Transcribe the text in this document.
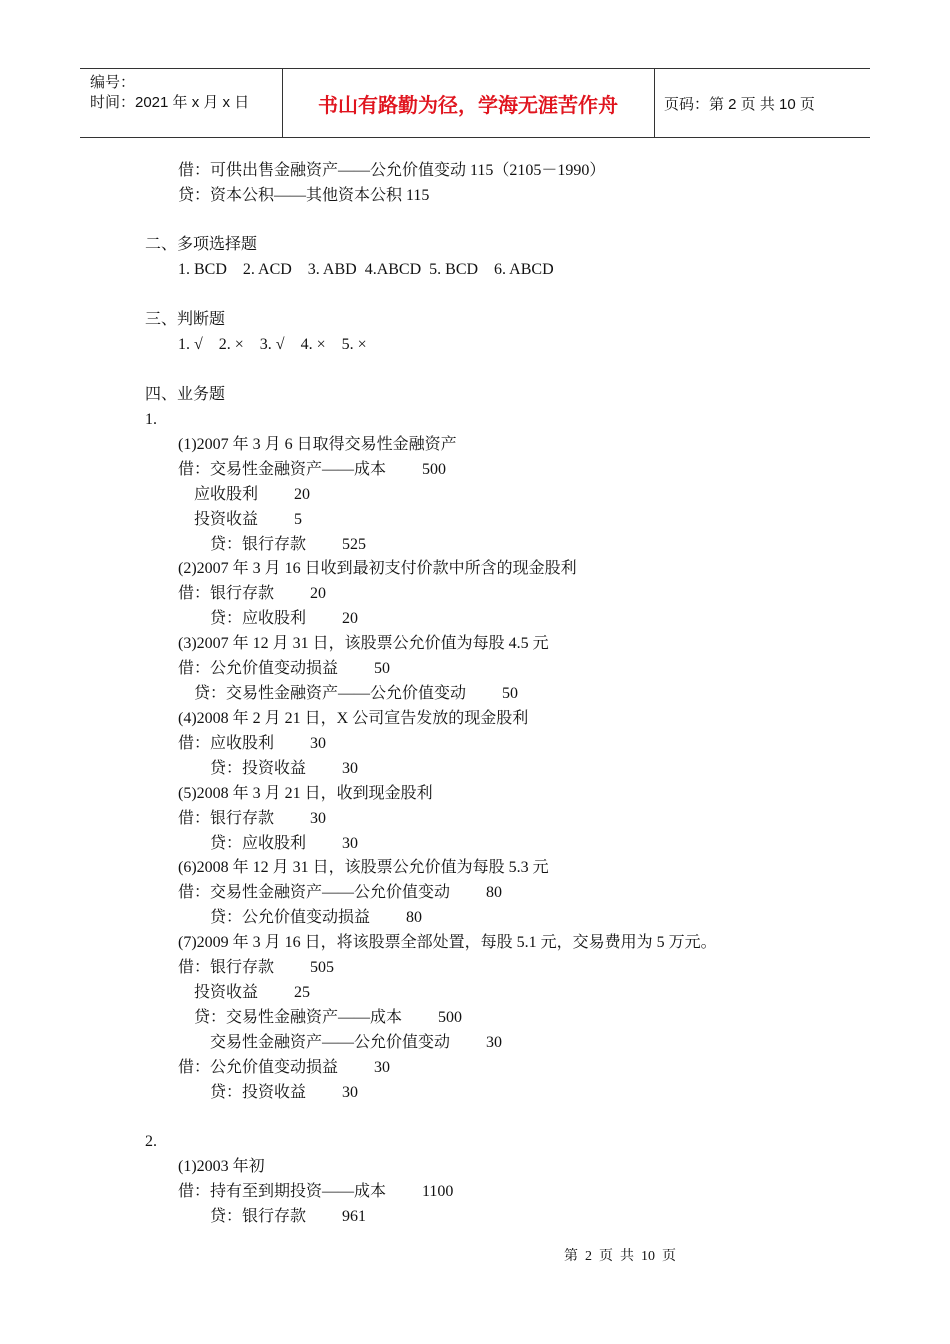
编号：
时间：2021 年 x 月 x 日	书山有路勤为径，学海无涯苦作舟	页码：第 2 页 共 10 页
借：可供出售金融资产——公允价值变动 115（2105－1990）
贷：资本公积——其他资本公积 115
二、多项选择题
1. BCD    2. ACD    3. ABD  4.ABCD  5. BCD    6. ABCD
三、判断题
1. √    2. ×    3. √    4. ×    5. ×
四、业务题
1.
(1)2007 年 3 月 6 日取得交易性金融资产
借：交易性金融资产——成本         500
应收股利         20
投资收益         5
贷：银行存款         525
(2)2007 年 3 月 16 日收到最初支付价款中所含的现金股利
借：银行存款         20
贷：应收股利         20
(3)2007 年 12 月 31 日，该股票公允价值为每股 4.5 元
借：公允价值变动损益         50
贷：交易性金融资产——公允价值变动         50
(4)2008 年 2 月 21 日，X 公司宣告发放的现金股利
借：应收股利         30
贷：投资收益         30
(5)2008 年 3 月 21 日，收到现金股利
借：银行存款         30
贷：应收股利         30
(6)2008 年 12 月 31 日，该股票公允价值为每股 5.3 元
借：交易性金融资产——公允价值变动         80
贷：公允价值变动损益         80
(7)2009 年 3 月 16 日，将该股票全部处置，每股 5.1 元，交易费用为 5 万元。
借：银行存款         505
投资收益         25
贷：交易性金融资产——成本         500
交易性金融资产——公允价值变动         30
借：公允价值变动损益         30
贷：投资收益         30
2.
(1)2003 年初
借：持有至到期投资——成本         1100
贷：银行存款         961
第  2  页  共  10  页
